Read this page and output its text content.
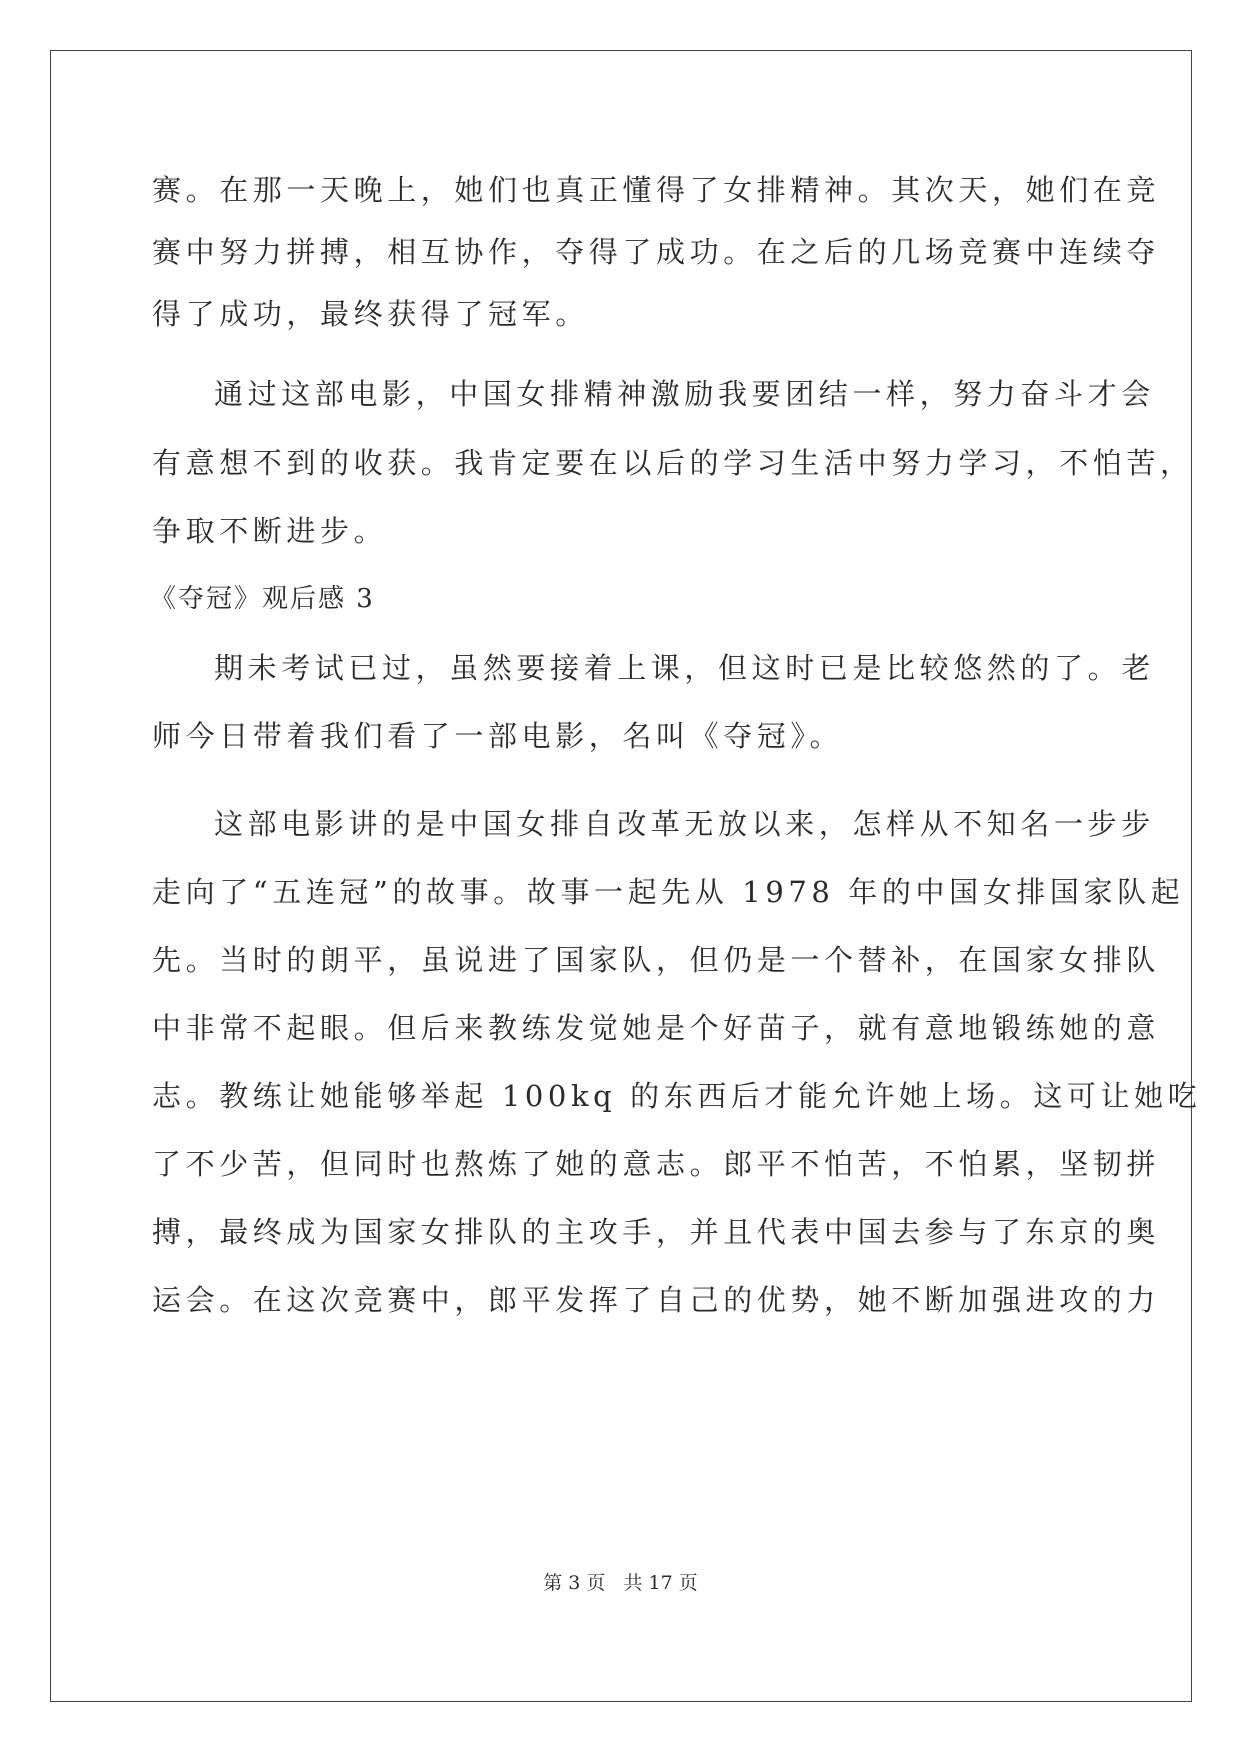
赛。在那一天晚上，她们也真正懂得了女排精神。其次天，她们在竞
赛中努力拼搏，相互协作，夺得了成功。在之后的几场竞赛中连续夺
得了成功，最终获得了冠军。
通过这部电影，中国女排精神激励我要团结一样，努力奋斗才会
有意想不到的收获。我肯定要在以后的学习生活中努力学习，不怕苦，
争取不断进步。
《夺冠》观后感 3
期未考试已过，虽然要接着上课，但这时已是比较悠然的了。老
师今日带着我们看了一部电影，名叫《夺冠》。
这部电影讲的是中国女排自改革无放以来，怎样从不知名一步步
走向了“五连冠”的故事。故事一起先从 1978 年的中国女排国家队起
先。当时的朗平，虽说进了国家队，但仍是一个替补，在国家女排队
中非常不起眼。但后来教练发觉她是个好苗子，就有意地锻练她的意
志。教练让她能够举起 100kq 的东西后才能允许她上场。这可让她吃
了不少苦，但同时也熬炼了她的意志。郎平不怕苦，不怕累，坚韧拼
搏，最终成为国家女排队的主攻手，并且代表中国去参与了东京的奥
运会。在这次竞赛中，郎平发挥了自己的优势，她不断加强进攻的力
第 3 页   共 17 页
